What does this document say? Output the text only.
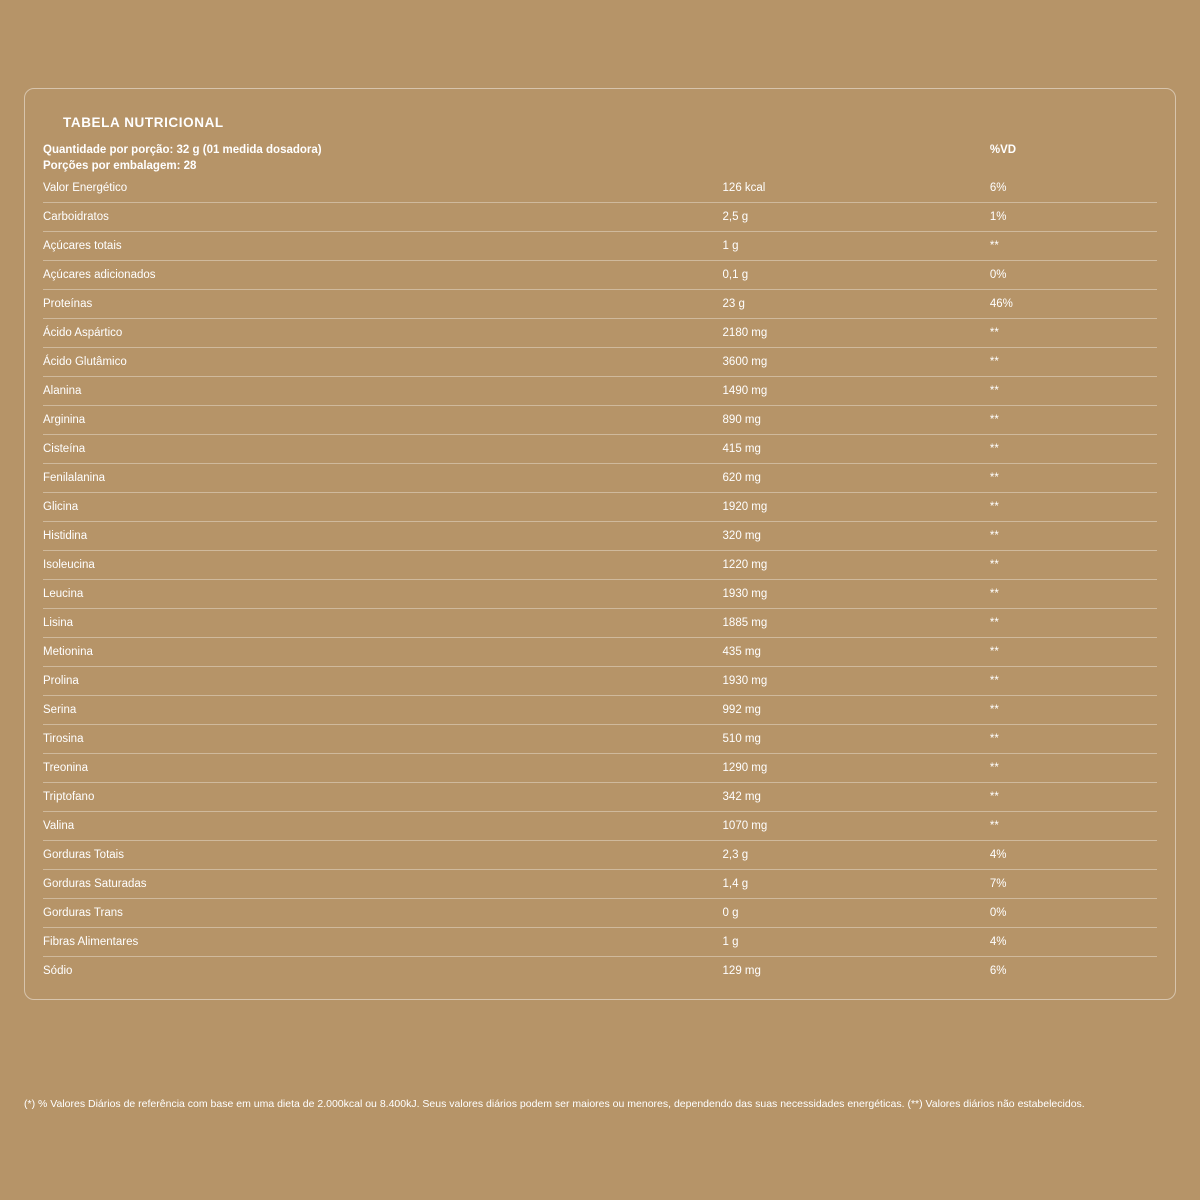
TABELA NUTRICIONAL
Quantidade por porção: 32 g (01 medida dosadora)		%VD
Porções por embalagem: 28		
Valor Energético	126 kcal	6%
Carboidratos	2,5 g	1%
Açúcares totais	1 g	**
Açúcares adicionados	0,1 g	0%
Proteínas	23 g	46%
Ácido Aspártico	2180 mg	**
Ácido Glutâmico	3600 mg	**
Alanina	1490 mg	**
Arginina	890 mg	**
Cisteína	415 mg	**
Fenilalanina	620 mg	**
Glicina	1920 mg	**
Histidina	320 mg	**
Isoleucina	1220 mg	**
Leucina	1930 mg	**
Lisina	1885 mg	**
Metionina	435 mg	**
Prolina	1930 mg	**
Serina	992 mg	**
Tirosina	510 mg	**
Treonina	1290 mg	**
Triptofano	342 mg	**
Valina	1070 mg	**
Gorduras Totais	2,3 g	4%
Gorduras Saturadas	1,4 g	7%
Gorduras Trans	0 g	0%
Fibras Alimentares	1 g	4%
Sódio	129 mg	6%

(*) % Valores Diários de referência com base em uma dieta de 2.000kcal ou 8.400kJ. Seus valores diários podem ser maiores ou menores, dependendo das suas necessidades energéticas. (**) Valores diários não estabelecidos.
